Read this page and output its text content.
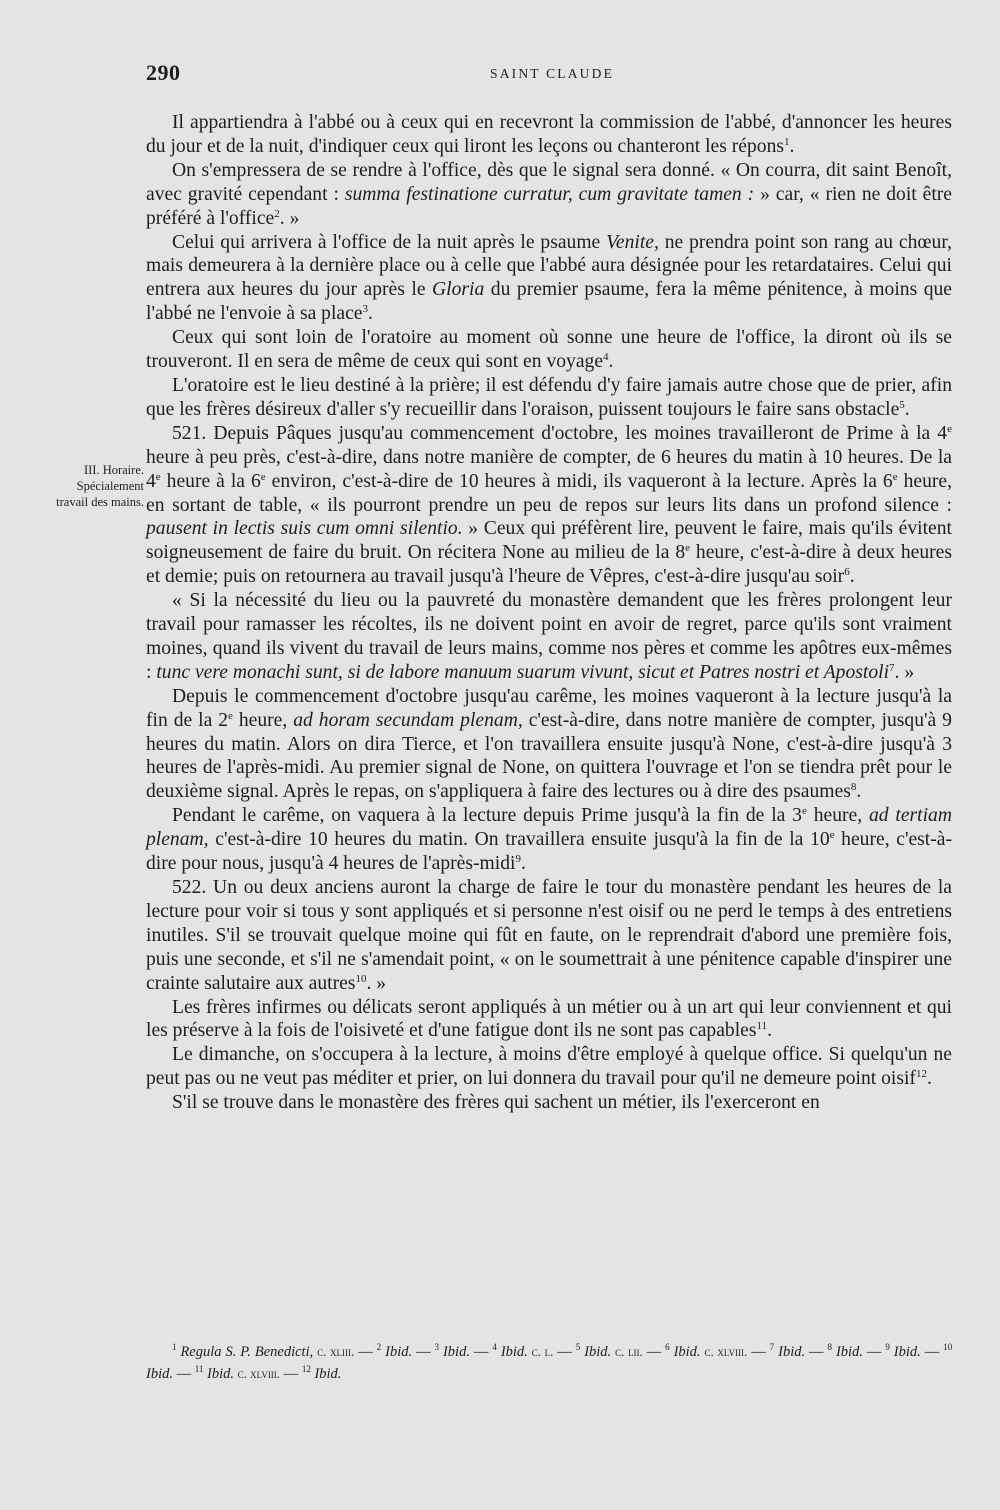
290	SAINT CLAUDE
III. Horaire. Spécialement travail des mains.

Il appartiendra à l'abbé ou à ceux qui en recevront la commission de l'abbé, d'annoncer les heures du jour et de la nuit, d'indiquer ceux qui liront les leçons ou chanteront les répons$^1$.

On s'empressera de se rendre à l'office, dès que le signal sera donné. « On courra, dit saint Benoît, avec gravité cependant : summa festinatione curratur, cum gravitate tamen : » car, « rien ne doit être préféré à l'office$^2$. »

Celui qui arrivera à l'office de la nuit après le psaume Venite, ne prendra point son rang au chœur, mais demeurera à la dernière place ou à celle que l'abbé aura désignée pour les retardataires. Celui qui entrera aux heures du jour après le Gloria du premier psaume, fera la même pénitence, à moins que l'abbé ne l'envoie à sa place$^3$.

Ceux qui sont loin de l'oratoire au moment où sonne une heure de l'office, la diront où ils se trouveront. Il en sera de même de ceux qui sont en voyage$^4$.

L'oratoire est le lieu destiné à la prière; il est défendu d'y faire jamais autre chose que de prier, afin que les frères désireux d'aller s'y recueillir dans l'oraison, puissent toujours le faire sans obstacle$^5$.

521. Depuis Pâques jusqu'au commencement d'octobre, les moines travailleront de Prime à la 4e heure à peu près, c'est-à-dire, dans notre manière de compter, de 6 heures du matin à 10 heures. De la 4e heure à la 6e environ, c'est-à-dire de 10 heures à midi, ils vaqueront à la lecture. Après la 6e heure, en sortant de table, « ils pourront prendre un peu de repos sur leurs lits dans un profond silence : pausent in lectis suis cum omni silentio. » Ceux qui préfèrent lire, peuvent le faire, mais qu'ils évitent soigneusement de faire du bruit. On récitera None au milieu de la 8e heure, c'est-à-dire à deux heures et demie; puis on retournera au travail jusqu'à l'heure de Vêpres, c'est-à-dire jusqu'au soir$^6$.

« Si la nécessité du lieu ou la pauvreté du monastère demandent que les frères prolongent leur travail pour ramasser les récoltes, ils ne doivent point en avoir de regret, parce qu'ils sont vraiment moines, quand ils vivent du travail de leurs mains, comme nos pères et comme les apôtres eux-mêmes : tunc vere monachi sunt, si de labore manuum suarum vivunt, sicut et Patres nostri et Apostoli$^7$. »

Depuis le commencement d'octobre jusqu'au carême, les moines vaqueront à la lecture jusqu'à la fin de la 2e heure, ad horam secundam plenam, c'est-à-dire, dans notre manière de compter, jusqu'à 9 heures du matin. Alors on dira Tierce, et l'on travaillera ensuite jusqu'à None, c'est-à-dire jusqu'à 3 heures de l'après-midi. Au premier signal de None, on quittera l'ouvrage et l'on se tiendra prêt pour le deuxième signal. Après le repas, on s'appliquera à faire des lectures ou à dire des psaumes$^8$.

Pendant le carême, on vaquera à la lecture depuis Prime jusqu'à la fin de la 3e heure, ad tertiam plenam, c'est-à-dire 10 heures du matin. On travaillera ensuite jusqu'à la fin de la 10e heure, c'est-à-dire pour nous, jusqu'à 4 heures de l'après-midi$^9$.

522. Un ou deux anciens auront la charge de faire le tour du monastère pendant les heures de la lecture pour voir si tous y sont appliqués et si personne n'est oisif ou ne perd le temps à des entretiens inutiles. S'il se trouvait quelque moine qui fût en faute, on le reprendrait d'abord une première fois, puis une seconde, et s'il ne s'amendait point, « on le soumettrait à une pénitence capable d'inspirer une crainte salutaire aux autres$^{10}$. »

Les frères infirmes ou délicats seront appliqués à un métier ou à un art qui leur conviennent et qui les préserve à la fois de l'oisiveté et d'une fatigue dont ils ne sont pas capables$^{11}$.

Le dimanche, on s'occupera à la lecture, à moins d'être employé à quelque office. Si quelqu'un ne peut pas ou ne veut pas méditer et prier, on lui donnera du travail pour qu'il ne demeure point oisif$^{12}$.

S'il se trouve dans le monastère des frères qui sachent un métier, ils l'exerceront en

$^1$ Regula S. P. Benedicti, c. xliii. — $^2$ Ibid. — $^3$ Ibid. — $^4$ Ibid. c. l. — $^5$ Ibid. c. lii. — $^6$ Ibid. c. xlviii. — $^7$ Ibid. — $^8$ Ibid. — $^9$ Ibid. — $^{10}$ Ibid. — $^{11}$ Ibid. c. xlviii. — $^{12}$ Ibid.
